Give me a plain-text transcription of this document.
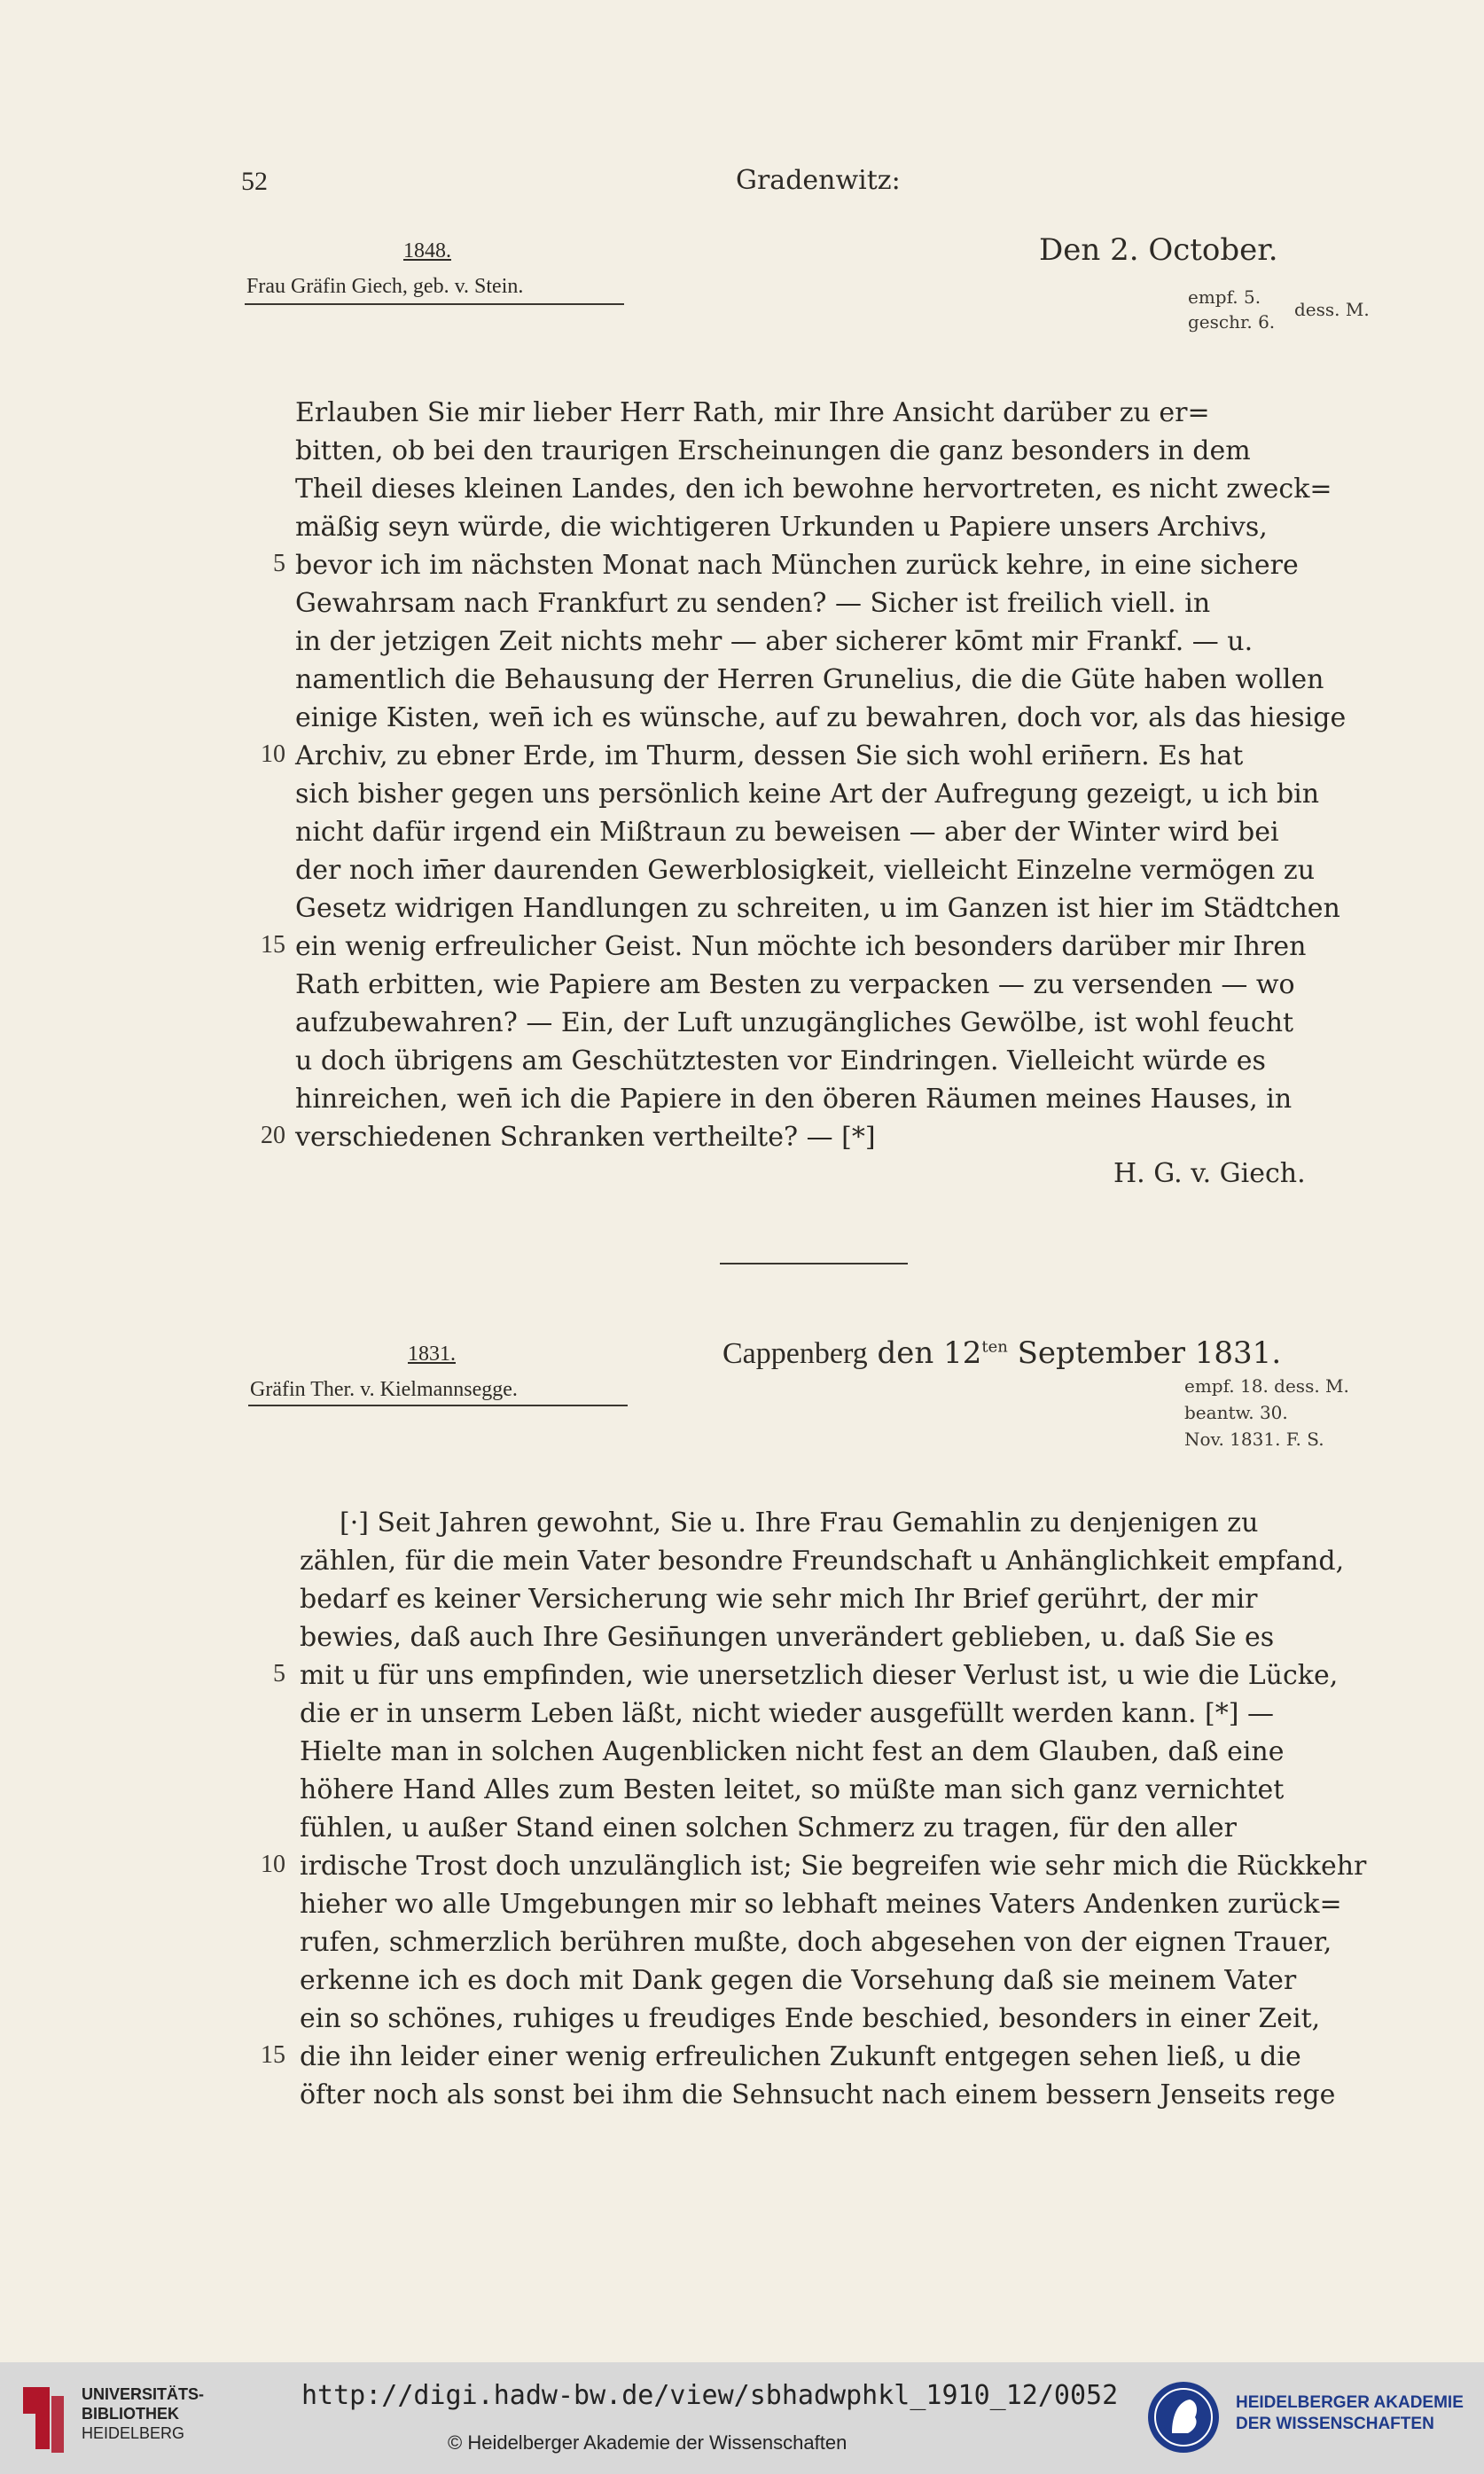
52	Gradenwitz:
1848.
Frau Gräfin Giech, geb. v. Stein.
Den 2. October.
empf. 5.
geschr. 6.
dess. M.
Erlauben Sie mir lieber Herr Rath, mir Ihre Ansicht darüber zu er=
bitten, ob bei den traurigen Erscheinungen die ganz besonders in dem
Theil dieses kleinen Landes, den ich bewohne hervortreten, es nicht zweck=
mäßig seyn würde, die wichtigeren Urkunden u Papiere unsers Archivs,
bevor ich im nächsten Monat nach München zurück kehre, in eine sichere
Gewahrsam nach Frankfurt zu senden? — Sicher ist freilich viell. in
in der jetzigen Zeit nichts mehr — aber sicherer kōmt mir Frankf. — u.
namentlich die Behausung der Herren Grunelius, die die Güte haben wollen
einige Kisten, wen̄ ich es wünsche, auf zu bewahren, doch vor, als das hiesige
Archiv, zu ebner Erde, im Thurm, dessen Sie sich wohl erin̄ern. Es hat
sich bisher gegen uns persönlich keine Art der Aufregung gezeigt, u ich bin
nicht dafür irgend ein Mißtraun zu beweisen — aber der Winter wird bei
der noch im̄er daurenden Gewerblosigkeit, vielleicht Einzelne vermögen zu
Gesetz widrigen Handlungen zu schreiten, u im Ganzen ist hier im Städtchen
ein wenig erfreulicher Geist. Nun möchte ich besonders darüber mir Ihren
Rath erbitten, wie Papiere am Besten zu verpacken — zu versenden — wo
aufzubewahren? — Ein, der Luft unzugängliches Gewölbe, ist wohl feucht
u doch übrigens am Geschütztesten vor Eindringen. Vielleicht würde es
hinreichen, wen̄ ich die Papiere in den öberen Räumen meines Hauses, in
verschiedenen Schranken vertheilte? — [*]
5
10
15
20
H. G. v. Giech.
1831.
Gräfin Ther. v. Kielmannsegge.
Cappenberg den $12^{ten}$ September 1831.
empf. 18. dess. M.
beantw. 30.
Nov. 1831. F. S.
[·] Seit Jahren gewohnt, Sie u. Ihre Frau Gemahlin zu denjenigen zu
zählen, für die mein Vater besondre Freundschaft u Anhänglichkeit empfand,
bedarf es keiner Versicherung wie sehr mich Ihr Brief gerührt, der mir
bewies, daß auch Ihre Gesin̄ungen unverändert geblieben, u. daß Sie es
mit u für uns empfinden, wie unersetzlich dieser Verlust ist, u wie die Lücke,
die er in unserm Leben läßt, nicht wieder ausgefüllt werden kann. [*] —
Hielte man in solchen Augenblicken nicht fest an dem Glauben, daß eine
höhere Hand Alles zum Besten leitet, so müßte man sich ganz vernichtet
fühlen, u außer Stand einen solchen Schmerz zu tragen, für den aller
irdische Trost doch unzulänglich ist; Sie begreifen wie sehr mich die Rückkehr
hieher wo alle Umgebungen mir so lebhaft meines Vaters Andenken zurück=
rufen, schmerzlich berühren mußte, doch abgesehen von der eignen Trauer,
erkenne ich es doch mit Dank gegen die Vorsehung daß sie meinem Vater
ein so schönes, ruhiges u freudiges Ende beschied, besonders in einer Zeit,
die ihn leider einer wenig erfreulichen Zukunft entgegen sehen ließ, u die
öfter noch als sonst bei ihm die Sehnsucht nach einem bessern Jenseits rege
5
10
15
UNIVERSITÄTS-
BIBLIOTHEK
HEIDELBERG
http://digi.hadw-bw.de/view/sbhadwphkl_1910_12/0052
© Heidelberger Akademie der Wissenschaften
HEIDELBERGER AKADEMIE
DER WISSENSCHAFTEN
